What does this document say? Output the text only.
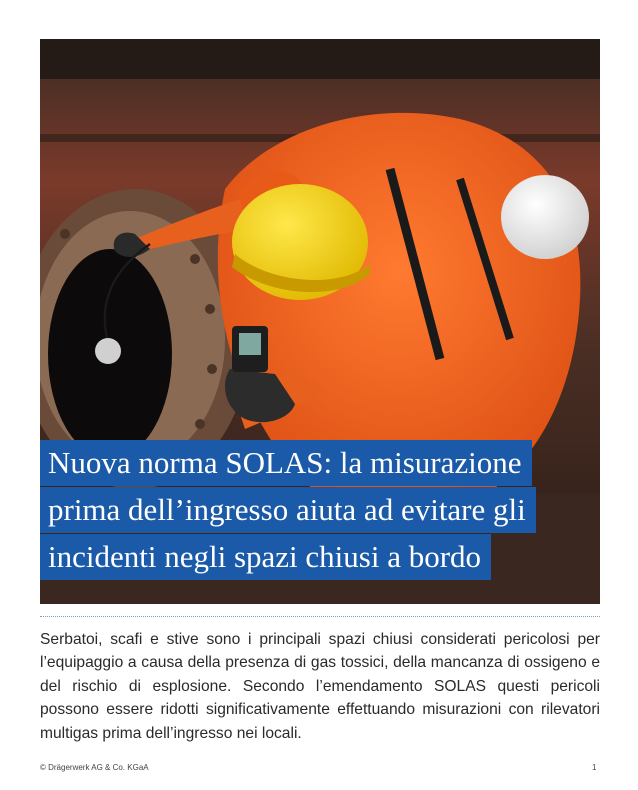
Nuova norma SOLAS: la misurazione
prima dell’ingresso aiuta ad evitare gli
incidenti negli spazi chiusi a bordo
Serbatoi, scafi e stive sono i principali spazi chiusi considerati pericolosi per l’equipaggio a causa della presenza di gas tossici, della mancanza di ossigeno e del rischio di esplosione. Secondo l’emendamento SOLAS questi pericoli possono essere ridotti significativamente effettuando misurazioni con rilevatori multigas prima dell’ingresso nei locali.
© Drägerwerk AG & Co. KGaA	1
